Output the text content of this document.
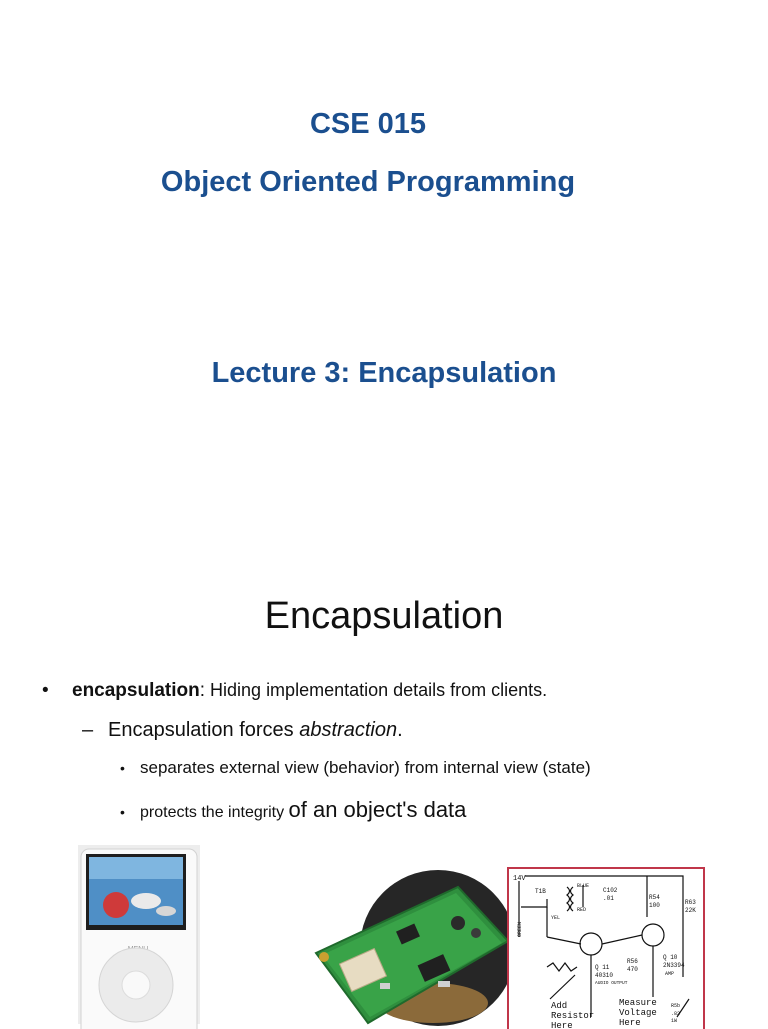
CSE 015
Object Oriented Programming
Lecture 3: Encapsulation
Encapsulation
• encapsulation: Hiding implementation details from clients.
– Encapsulation forces abstraction.
• separates external view (behavior) from internal view (state)
• protects the integrity of an object's data
14V
T1B
BLUE
RED
YEL
GREEN
C102
.01	R54
100	R63
22K
R56
470
Q 11
40310
AUDIO OUTPUT
Q 10
2N3394
AMP
Add Resistor Here
Measure Voltage Here
R5b
.82
1W
